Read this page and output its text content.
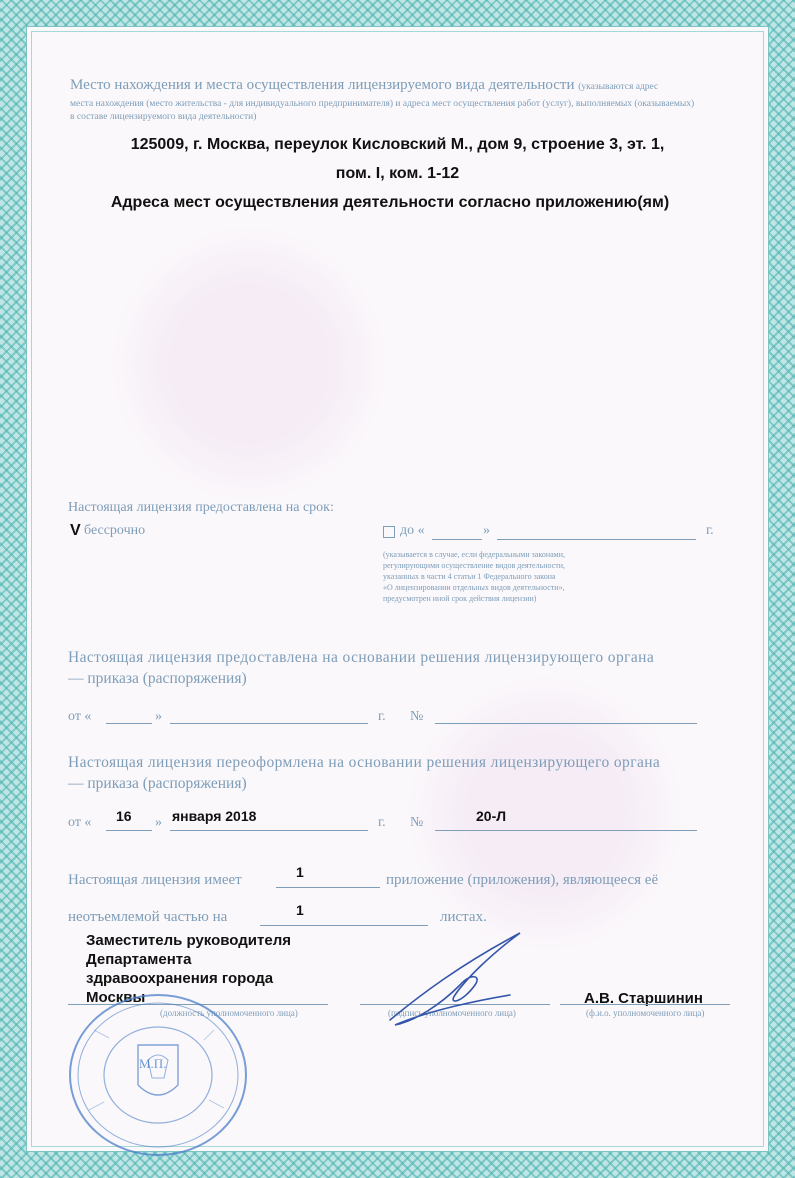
Место нахождения и места осуществления лицензируемого вида деятельности (указываются адрес
места нахождения (место жительства - для индивидуального предпринимателя) и адреса мест осуществления работ (услуг), выполняемых (оказываемых)
в составе лицензируемого вида деятельности)
125009, г. Москва, переулок Кисловский М., дом 9, строение 3, эт. 1,
пом. I, ком. 1-12
Адреса мест осуществления деятельности согласно приложению(ям)
Настоящая лицензия предоставлена на срок:
V бессрочно	до «	»	г.
(указывается в случае, если федеральными законами,
регулирующими осуществление видов деятельности,
указанных в части 4 статьи 1 Федерального закона
«О лицензировании отдельных видов деятельности»,
предусмотрен иной срок действия лицензии)
Настоящая лицензия предоставлена на основании решения лицензирующего органа
— приказа (распоряжения)
от «	»	г. №
Настоящая лицензия переоформлена на основании решения лицензирующего органа
— приказа (распоряжения)
от « 16 » января 2018	г. №	20-Л
Настоящая лицензия имеет	1	приложение (приложения), являющееся её
неотъемлемой частью на	1	листах.
Заместитель руководителя
Департамента
здравоохранения города
Москвы
(должность уполномоченного лица)	(подпись уполномоченного лица)
А.В. Старшинин
(ф.и.о. уполномоченного лица)
М.П.
